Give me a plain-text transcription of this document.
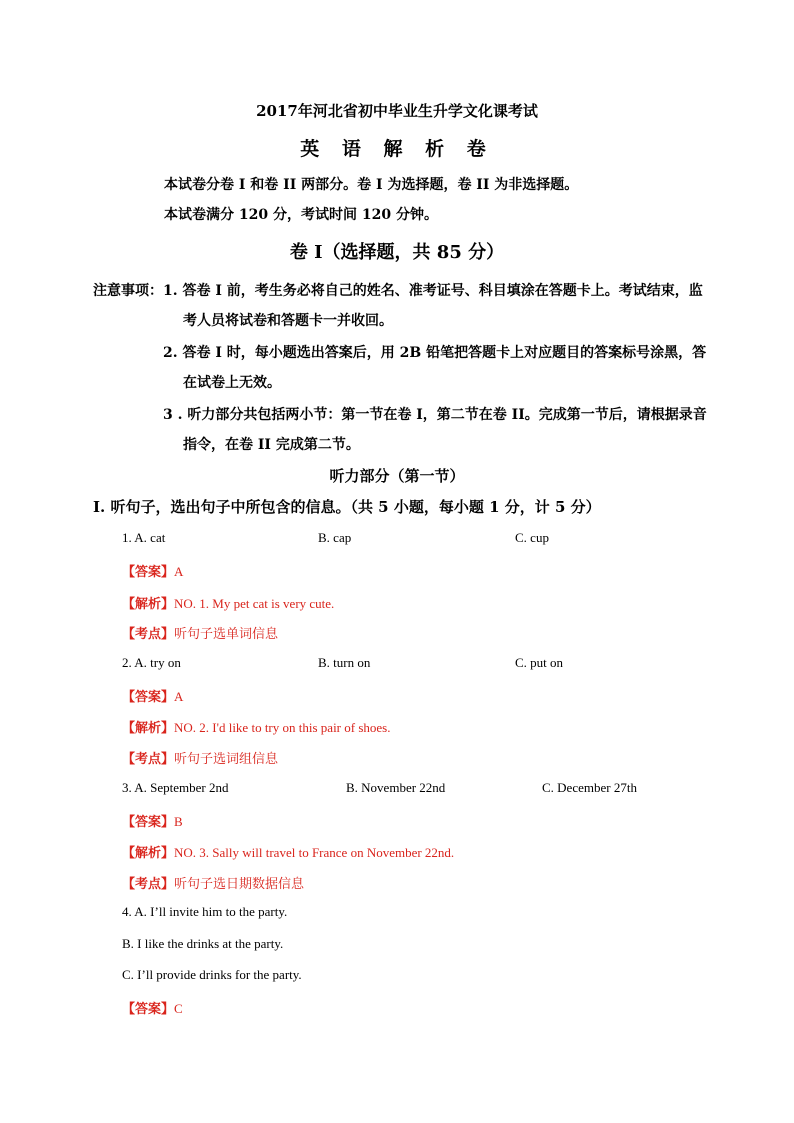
2017年河北省初中毕业生升学文化课考试
英 语 解 析 卷
本试卷分卷 I 和卷 II 两部分。卷 I 为选择题，卷 II 为非选择题。
本试卷满分 120 分，考试时间 120 分钟。
卷 I（选择题，共 85 分）
注意事项： 1. 答卷 I 前，考生务必将自己的姓名、准考证号、科目填涂在答题卡上。考试结束，监
考人员将试卷和答题卡一并收回。
2. 答卷 I 时，每小题选出答案后，用 2B 铅笔把答题卡上对应题目的答案标号涂黑，答
在试卷上无效。
3 . 听力部分共包括两小节：第一节在卷 I，第二节在卷 II。完成第一节后，请根据录音
指令，在卷 II 完成第二节。
听力部分（第一节）
I. 听句子，选出句子中所包含的信息。（共 5 小题，每小题 1 分，计 5 分）
1. A. cat	B. cap	C. cup
【答案】A
【解析】NO. 1. My pet cat is very cute.
【考点】听句子选单词信息
2. A. try on	B. turn on	C. put on
【答案】A
【解析】NO. 2. I'd like to try on this pair of shoes.
【考点】听句子选词组信息
3. A. September 2nd	B. November 22nd	C. December 27th
【答案】B
【解析】NO. 3. Sally will travel to France on November 22nd.
【考点】听句子选日期数据信息
4. A. I’ll invite him to the party.
B. I like the drinks at the party.
C. I’ll provide drinks for the party.
【答案】C
